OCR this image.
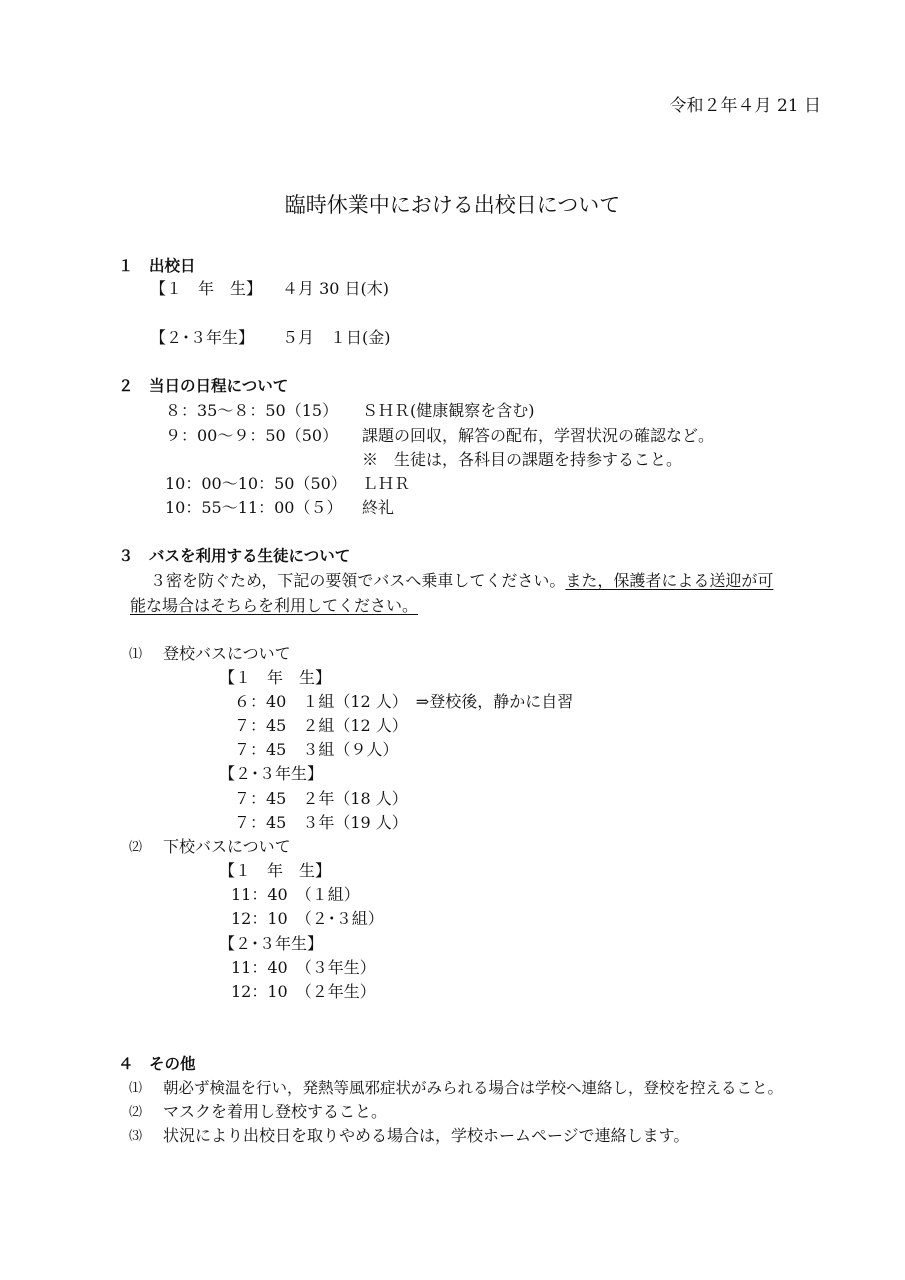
令和２年４月 21 日
臨時休業中における出校日について
１　出校日
【１　年　生】 ４月 30 日(木)
【２･３年生】 ５月　１日(金)
２　当日の日程について
８：35～８：50（15） ＳＨＲ(健康観察を含む)
９：00～９：50（50） 課題の回収，解答の配布，学習状況の確認など。
※　生徒は，各科目の課題を持参すること。
10：00～10：50（50） ＬＨＲ
10：55～11：00（５） 終礼
３　バスを利用する生徒について
３密を防ぐため，下記の要領でバスへ乗車してください。また，保護者による送迎が可
能な場合はそちらを利用してください。
⑴ 登校バスについて
【１　年　生】
６：40　１組（12 人）　⇒登校後，静かに自習
７：45　２組（12 人）
７：45　３組（９人）
【２･３年生】
７：45　２年（18 人）
７：45　３年（19 人）
⑵ 下校バスについて
【１　年　生】
11：40　（１組）
12：10　（２･３組）
【２･３年生】
11：40　（３年生）
12：10　（２年生）
４　その他
⑴ 朝必ず検温を行い，発熱等風邪症状がみられる場合は学校へ連絡し，登校を控えること。
⑵ マスクを着用し登校すること。
⑶ 状況により出校日を取りやめる場合は，学校ホームページで連絡します。
